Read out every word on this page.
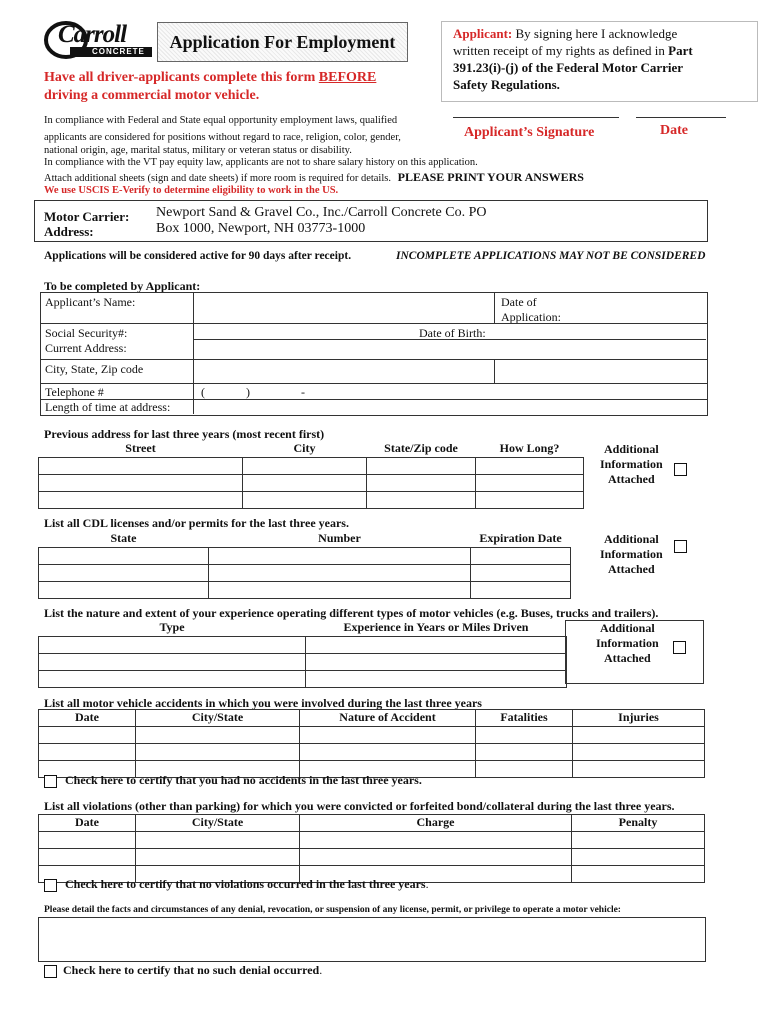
Carroll
CONCRETE Application For Employment
Have all driver-applicants complete this form BEFORE
driving a commercial motor vehicle.
Applicant: By signing here I acknowledge
written receipt of my rights as defined in Part
391.23(i)-(j) of the Federal Motor Carrier
Safety Regulations.
Applicant’s Signature	Date
In compliance with Federal and State equal opportunity employment laws, qualified
applicants are considered for positions without regard to race, religion, color, gender,
national origin, age, marital status, military or veteran status or disability.
In compliance with the VT pay equity law, applicants are not to share salary history on this application.
Attach additional sheets (sign and date sheets) if more room is required for details. PLEASE PRINT YOUR ANSWERS
We use USCIS E-Verify to determine eligibility to work in the US.
Motor Carrier:
Address:
Newport Sand & Gravel Co., Inc./Carroll Concrete Co. PO
Box 1000, Newport, NH 03773-1000
Applications will be considered active for 90 days after receipt.	INCOMPLETE APPLICATIONS MAY NOT BE CONSIDERED
To be completed by Applicant:
Applicant’s Name:	Date of
Application:
Social Security#:	Date of Birth:
Current Address:
City, State, Zip code
Telephone #	(	)	-
Length of time at address:
Previous address for last three years (most recent first)
Street	City	State/Zip code	How Long?

				Additional
Information
Attached
List all CDL licenses and/or permits for the last three years.
State	Number	Expiration Date

			Additional
Information
Attached
List the nature and extent of your experience operating different types of motor vehicles (e.g. Buses, trucks and trailers).
Type	Experience in Years or Miles Driven

		Additional
Information
Attached
List all motor vehicle accidents in which you were involved during the last three years
Date	City/State	Nature of Accident	Fatalities	Injuries

Check here to certify that you had no accidents in the last three years.
List all violations (other than parking) for which you were convicted or forfeited bond/collateral during the last three years.
Date	City/State	Charge	Penalty

Check here to certify that no violations occurred in the last three years.
Please detail the facts and circumstances of any denial, revocation, or suspension of any license, permit, or privilege to operate a motor vehicle:
Check here to certify that no such denial occurred.
